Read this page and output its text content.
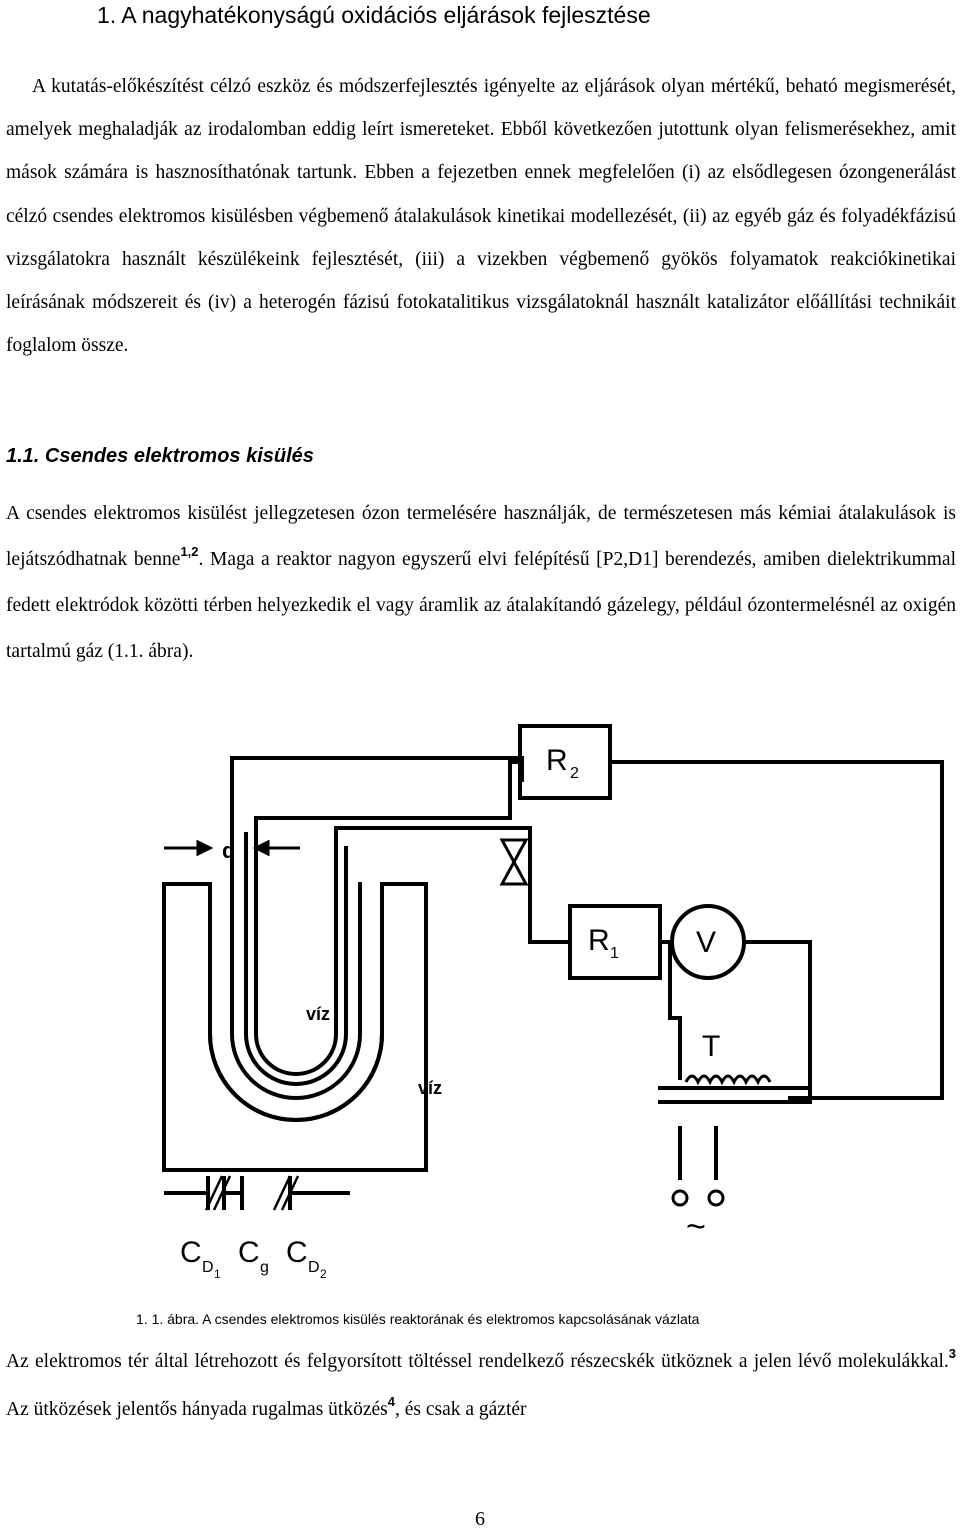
1. A nagyhatékonyságú oxidációs eljárások fejlesztése

A kutatás-előkészítést célzó eszköz és módszerfejlesztés igényelte az eljárások olyan mértékű, beható megismerését, amelyek meghaladják az irodalomban eddig leírt ismereteket. Ebből következően jutottunk olyan felismerésekhez, amit mások számára is hasznosíthatónak tartunk. Ebben a fejezetben ennek megfelelően (i) az elsődlegesen ózongenerálást célzó csendes elektromos kisülésben végbemenő átalakulások kinetikai modellezését, (ii) az egyéb gáz és folyadékfázisú vizsgálatokra használt készülékeink fejlesztését, (iii) a vizekben végbemenő gyökös folyamatok reakciókinetikai leírásának módszereit és (iv) a heterogén fázisú fotokatalitikus vizsgálatoknál használt katalizátor előállítási technikáit foglalom össze.

1.1. Csendes elektromos kisülés

A csendes elektromos kisülést jellegzetesen ózon termelésére használják, de természetesen más kémiai átalakulások is lejátszódhatnak benne$^{1,2}$. Maga a reaktor nagyon egyszerű elvi felépítésű [P2,D1] berendezés, amiben dielektrikummal fedett elektródok közötti térben helyezkedik el vagy áramlik az átalakítandó gázelegy, például ózontermelésnél az oxigén tartalmú gáz (1.1. ábra).

R 2
R 1	V
T
d
víz
víz
~
C D 1
C g C D 2
1. 1. ábra. A csendes elektromos kisülés reaktorának és elektromos kapcsolásának vázlata

Az elektromos tér által létrehozott és felgyorsított töltéssel rendelkező részecskék ütköznek a jelen lévő molekulákkal.$^3$ Az ütközések jelentős hányada rugalmas ütközés$^4$, és csak a gáztér

6
